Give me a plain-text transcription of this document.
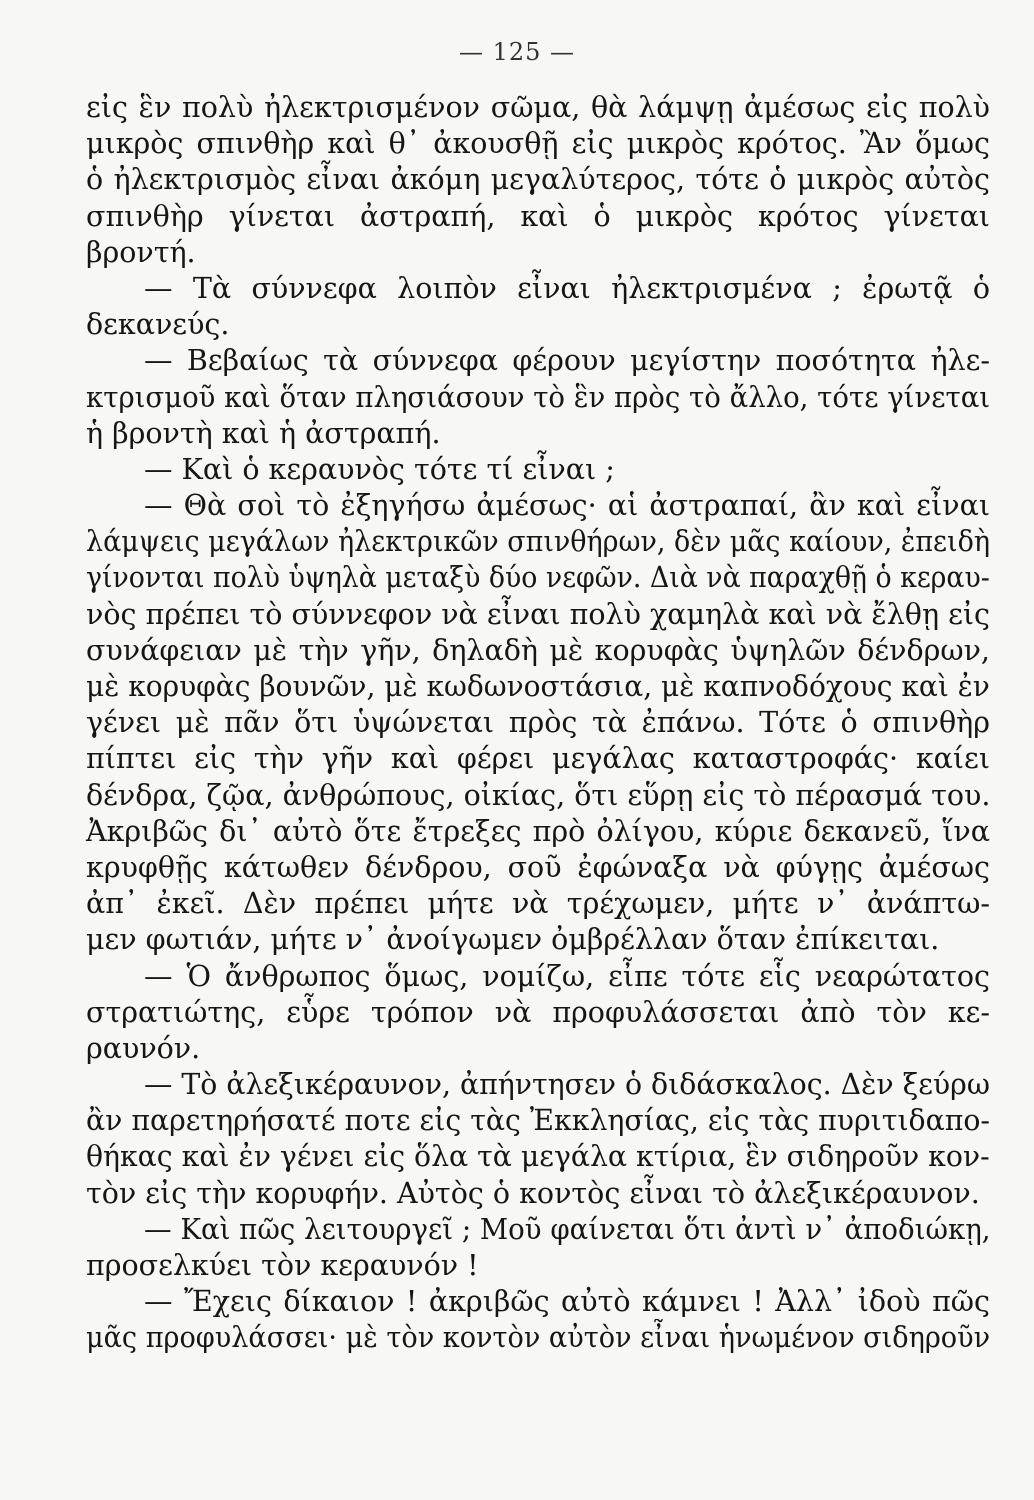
— 125 —
εἰς ἓν πολὺ ἠλεκτρισμένον σῶμα, θὰ λάμψῃ ἀμέσως εἰς πολὺ
μικρὸς σπινθὴρ καὶ θ᾽ ἀκουσθῇ εἰς μικρὸς κρότος. Ἂν ὅμως
ὁ ἠλεκτρισμὸς εἶναι ἀκόμη μεγαλύτερος, τότε ὁ μικρὸς αὐτὸς
σπινθὴρ γίνεται ἀστραπή, καὶ ὁ μικρὸς κρότος γίνεται
βροντή.
— Τὰ σύννεφα λοιπὸν εἶναι ἠλεκτρισμένα ; ἐρωτᾷ ὁ
δεκανεύς.
— Βεβαίως τὰ σύννεφα φέρουν μεγίστην ποσότητα ἠλε-
κτρισμοῦ καὶ ὅταν πλησιάσουν τὸ ἓν πρὸς τὸ ἄλλο, τότε γίνεται
ἡ βροντὴ καὶ ἡ ἀστραπή.
— Καὶ ὁ κεραυνὸς τότε τί εἶναι ;
— Θὰ σοὶ τὸ ἐξηγήσω ἀμέσως· αἱ ἀστραπαί, ἂν καὶ εἶναι
λάμψεις μεγάλων ἠλεκτρικῶν σπινθήρων, δὲν μᾶς καίουν, ἐπειδὴ
γίνονται πολὺ ὑψηλὰ μεταξὺ δύο νεφῶν. Διὰ νὰ παραχθῇ ὁ κεραυ-
νὸς πρέπει τὸ σύννεφον νὰ εἶναι πολὺ χαμηλὰ καὶ νὰ ἔλθῃ εἰς
συνάφειαν μὲ τὴν γῆν, δηλαδὴ μὲ κορυφὰς ὑψηλῶν δένδρων,
μὲ κορυφὰς βουνῶν, μὲ κωδωνοστάσια, μὲ καπνοδόχους καὶ ἐν
γένει μὲ πᾶν ὅτι ὑψώνεται πρὸς τὰ ἐπάνω. Τότε ὁ σπινθὴρ
πίπτει εἰς τὴν γῆν καὶ φέρει μεγάλας καταστροφάς· καίει
δένδρα, ζῷα, ἀνθρώπους, οἰκίας, ὅτι εὕρῃ εἰς τὸ πέρασμά του.
Ἀκριβῶς δι᾽ αὐτὸ ὅτε ἔτρεξες πρὸ ὀλίγου, κύριε δεκανεῦ, ἵνα
κρυφθῇς κάτωθεν δένδρου, σοῦ ἐφώναξα νὰ φύγῃς ἀμέσως
ἀπ᾽ ἐκεῖ. Δὲν πρέπει μήτε νὰ τρέχωμεν, μήτε ν᾽ ἀνάπτω-
μεν φωτιάν, μήτε ν᾽ ἀνοίγωμεν ὀμβρέλλαν ὅταν ἐπίκειται.
— Ὁ ἄνθρωπος ὅμως, νομίζω, εἶπε τότε εἷς νεαρώτατος
στρατιώτης, εὗρε τρόπον νὰ προφυλάσσεται ἀπὸ τὸν κε-
ραυνόν.
— Τὸ ἀλεξικέραυνον, ἀπήντησεν ὁ διδάσκαλος. Δὲν ξεύρω
ἂν παρετηρήσατέ ποτε εἰς τὰς Ἐκκλησίας, εἰς τὰς πυριτιδαπο-
θήκας καὶ ἐν γένει εἰς ὅλα τὰ μεγάλα κτίρια, ἓν σιδηροῦν κον-
τὸν εἰς τὴν κορυφήν. Αὐτὸς ὁ κοντὸς εἶναι τὸ ἀλεξικέραυνον.
— Καὶ πῶς λειτουργεῖ ; Μοῦ φαίνεται ὅτι ἀντὶ ν᾽ ἀποδιώκῃ,
προσελκύει τὸν κεραυνόν !
— Ἔχεις δίκαιον ! ἀκριβῶς αὐτὸ κάμνει ! Ἀλλ᾽ ἰδοὺ πῶς
μᾶς προφυλάσσει· μὲ τὸν κοντὸν αὐτὸν εἶναι ἡνωμένον σιδηροῦν
